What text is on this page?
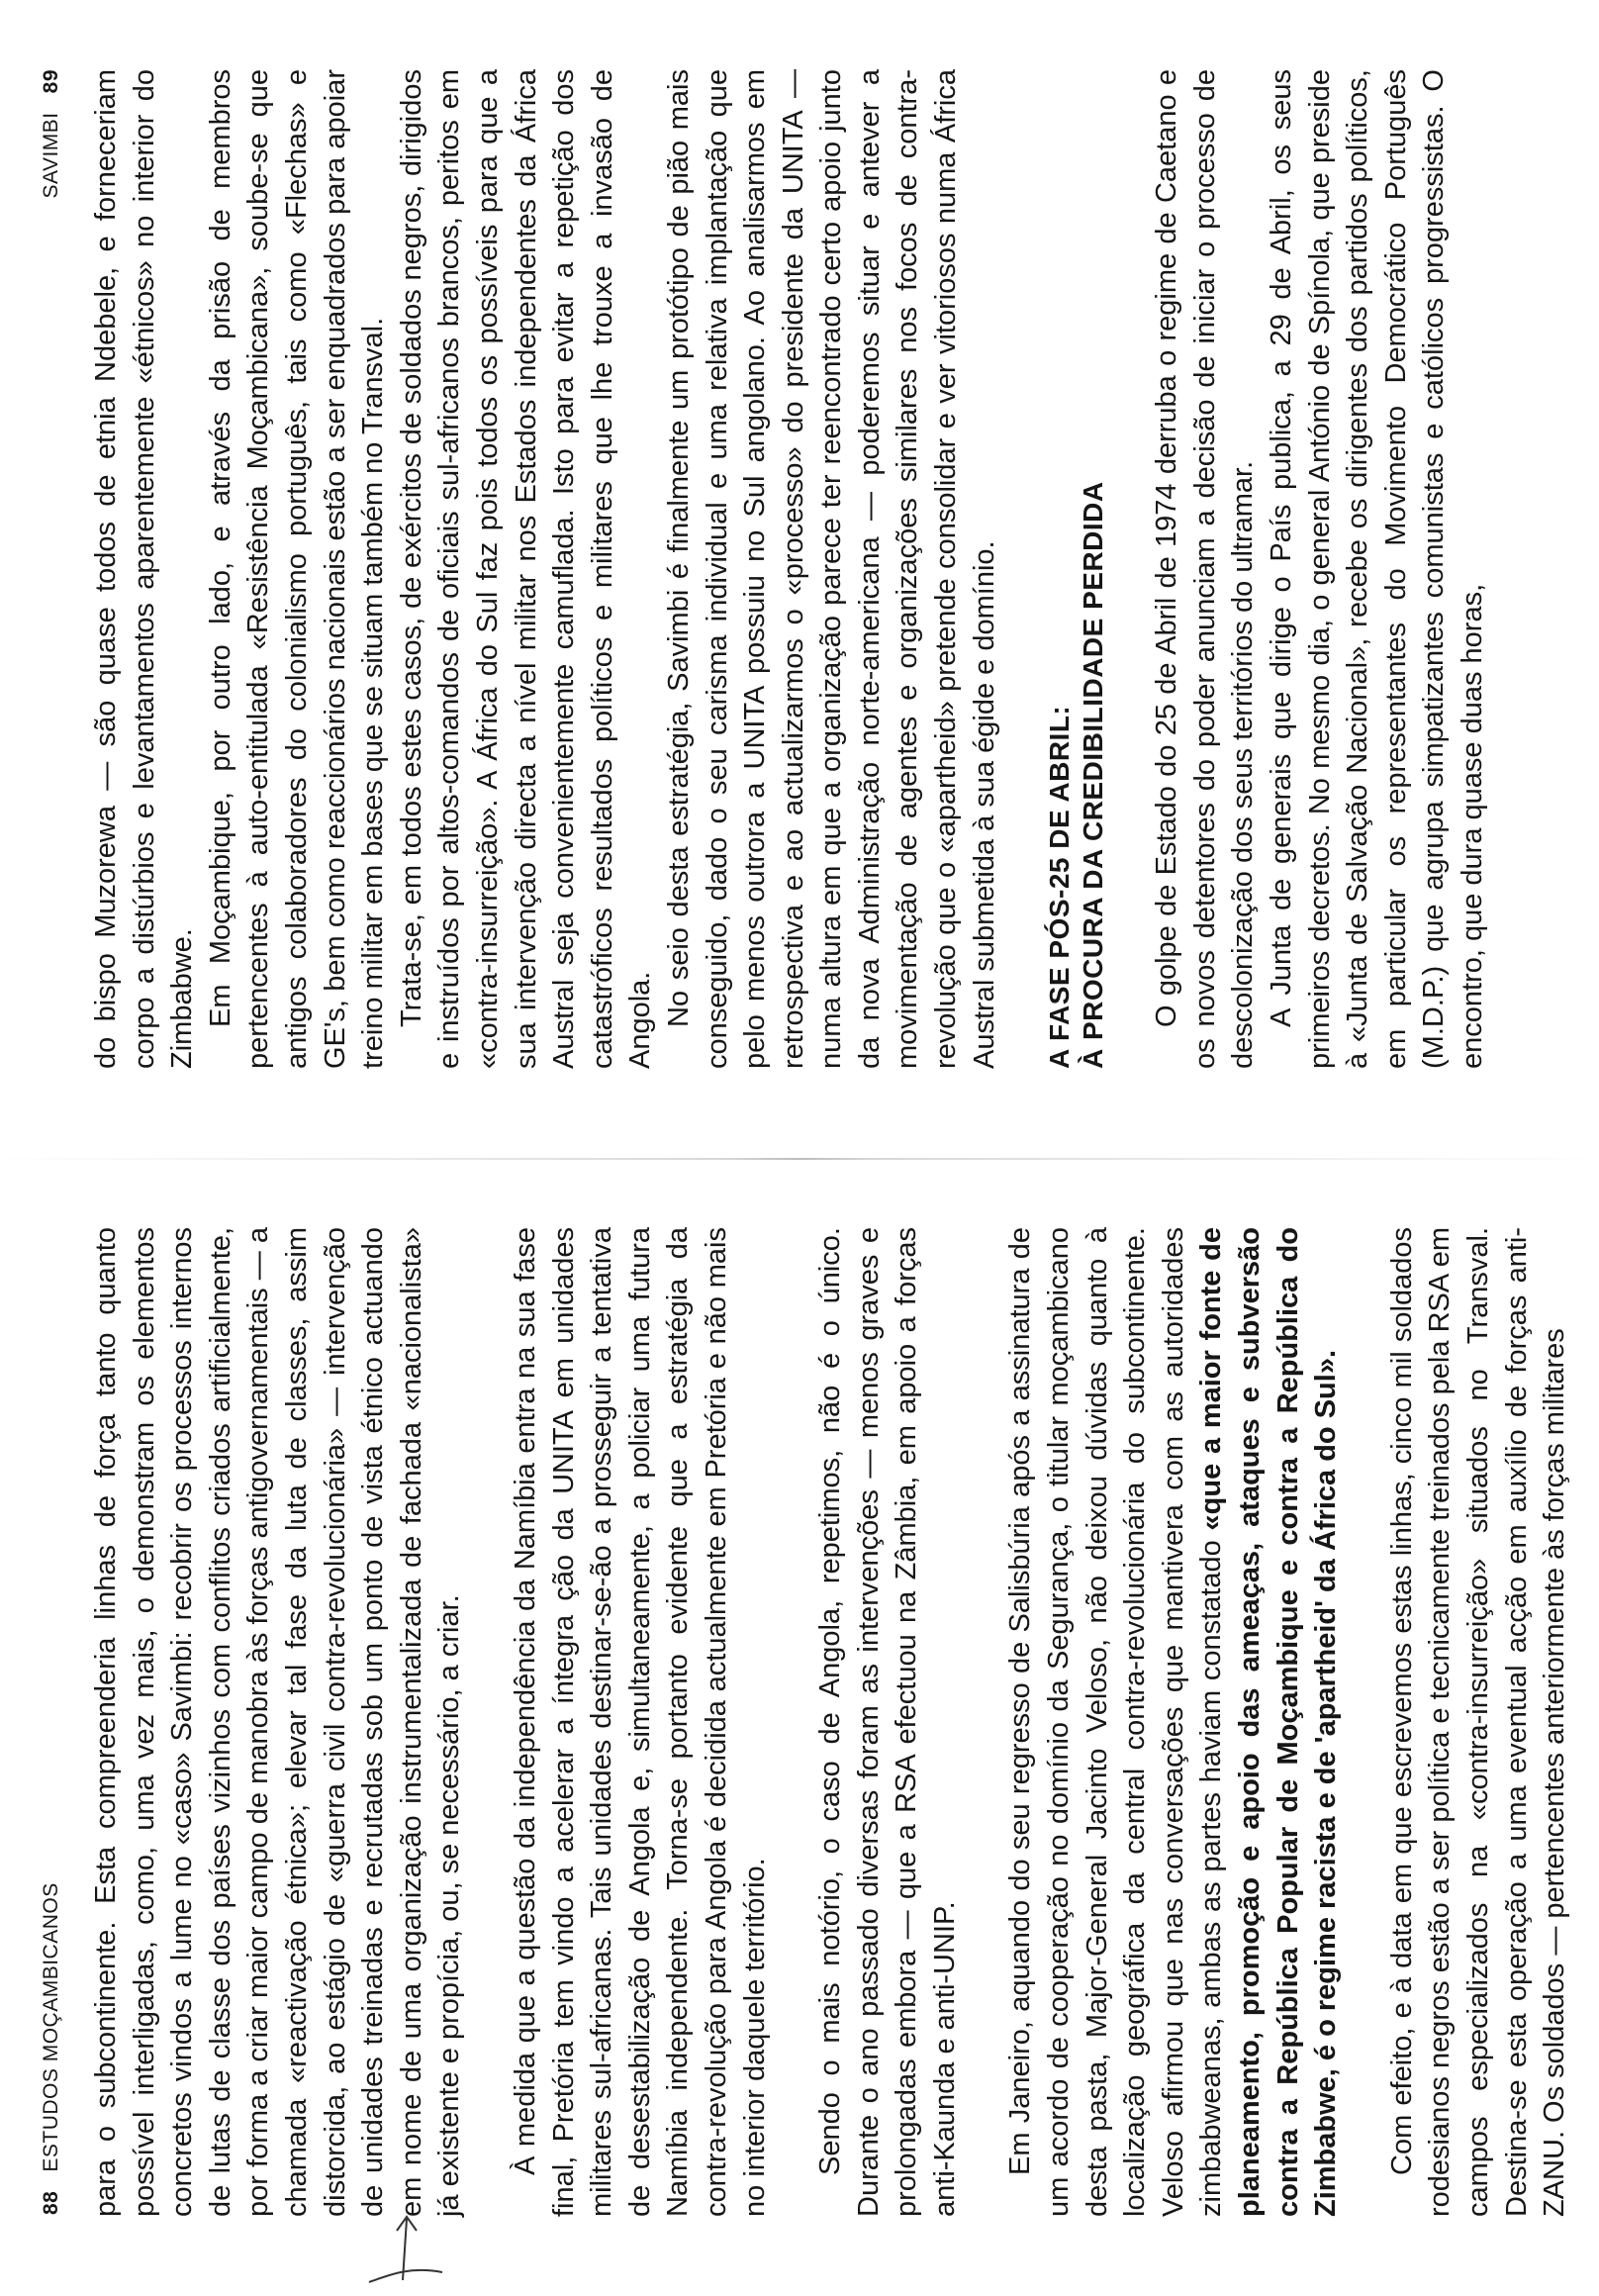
88   ESTUDOS MOÇAMBICANOS para o subcontinente. Esta compreenderia linhas de força tanto quanto possível interligadas, como, uma vez mais, o demonstram os elementos concretos vindos a lume no «caso» Savimbi: recobrir os processos internos de lutas de classe dos países vizinhos com conflitos criados artificialmente, por forma a criar maior campo de manobra às forças antigovernamentais — a chamada «reactivação étnica»; elevar tal fase da luta de classes, assim distorcida, ao estágio de «guerra civil contra-revolucionária» — intervenção de unidades treinadas e recrutadas sob um ponto de vista étnico actuando em nome de uma organização instrumentalizada de fachada «nacionalista» já existente e propícia, ou, se necessário, a criar. À medida que a questão da independência da Namíbia entra na sua fase final, Pretória tem vindo a acelerar a íntegra ção da UNITA em unidades militares sul-africanas. Tais unidades destinar-se-ão a prosseguir a tentativa de desestabilização de Angola e, simultaneamente, a policiar uma futura Namíbia independente. Torna-se portanto evidente que a estratégia da contra-revolução para Angola é decidida actualmente em Pretória e não mais no interior daquele território. Sendo o mais notório, o caso de Angola, repetimos, não é o único. Durante o ano passado diversas foram as intervenções — menos graves e prolongadas embora — que a RSA efectuou na Zâmbia, em apoio a forças anti-Kaunda e anti-UNIP. Em Janeiro, aquando do seu regresso de Salisbúria após a assinatura de um acordo de cooperação no domínio da Segurança, o titular moçambicano desta pasta, Major-General Jacinto Veloso, não deixou dúvidas quanto à localização geográfica da central contra-revolucionária do subcontinente. Veloso afirmou que nas conversações que mantivera com as autoridades zimbabweanas, ambas as partes haviam constatado «que a maior fonte de planeamento, promoção e apoio das ameaças, ataques e subversão contra a República Popular de Moçambique e contra a República do Zimbabwe, é o regime racista e de 'apartheid' da África do Sul». Com efeito, e à data em que escrevemos estas linhas, cinco mil soldados rodesianos negros estão a ser política e tecnicamente treinados pela RSA em campos especializados na «contra-insurreição» situados no Transval. Destina-se esta operação a uma eventual acção em auxílio de forças anti-ZANU. Os soldados — pertencentes anteriormente às forças militares

SAVIMBI   89 do bispo Muzorewa — são quase todos de etnia Ndebele, e forneceriam corpo a distúrbios e levantamentos aparentemente «étnicos» no interior do Zimbabwe. Em Moçambique, por outro lado, e através da prisão de membros pertencentes à auto-entitulada «Resistência Moçambicana», soube-se que antigos colaboradores do colonialismo português, tais como «Flechas» e GE's, bem como reaccionários nacionais estão a ser enquadrados para apoiar treino militar em bases que se situam também no Transval. Trata-se, em todos estes casos, de exércitos de soldados negros, dirigidos e instruídos por altos-comandos de oficiais sul-africanos brancos, peritos em «contra-insurreição». A África do Sul faz pois todos os possíveis para que a sua intervenção directa a nível militar nos Estados independentes da África Austral seja convenientemente camuflada. Isto para evitar a repetição dos catastróficos resultados políticos e militares que lhe trouxe a invasão de Angola. No seio desta estratégia, Savimbi é finalmente um protótipo de pião mais conseguido, dado o seu carisma individual e uma relativa implantação que pelo menos outrora a UNITA possuiu no Sul angolano. Ao analisarmos em retrospectiva e ao actualizarmos o «processo» do presidente da UNITA — numa altura em que a organização parece ter reencontrado certo apoio junto da nova Administração norte-americana — poderemos situar e antever a movimentação de agentes e organizações similares nos focos de contra-revolução que o «apartheid» pretende consolidar e ver vitoriosos numa África Austral submetida à sua égide e domínio. A FASE PÓS-25 DE ABRIL: À PROCURA DA CREDIBILIDADE PERDIDA O golpe de Estado do 25 de Abril de 1974 derruba o regime de Caetano e os novos detentores do poder anunciam a decisão de iniciar o processo de descolonização dos seus territórios do ultramar. A Junta de generais que dirige o País publica, a 29 de Abril, os seus primeiros decretos. No mesmo dia, o general António de Spínola, que preside à «Junta de Salvação Nacional», recebe os dirigentes dos partidos políticos, em particular os representantes do Movimento Democrático Português (M.D.P.) que agrupa simpatizantes comunistas e católicos progressistas. O encontro, que dura quase duas horas,
